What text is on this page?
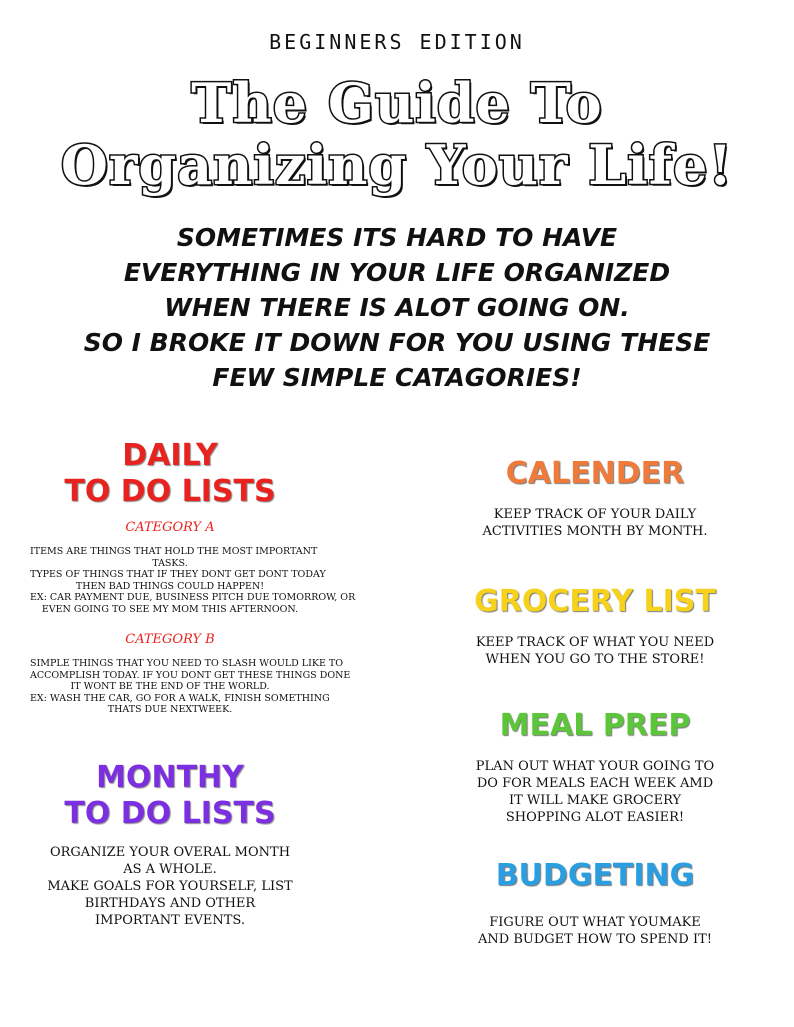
BEGINNERS EDITION
The Guide To
Organizing Your Life!
SOMETIMES ITS HARD TO HAVE
EVERYTHING IN YOUR LIFE ORGANIZED
WHEN THERE IS ALOT GOING ON.
SO I BROKE IT DOWN FOR YOU USING THESE
FEW SIMPLE CATAGORIES!
DAILY
TO DO LISTS
CATEGORY A
ITEMS ARE THINGS THAT HOLD THE MOST IMPORTANT
TASKS.
TYPES OF THINGS THAT IF THEY DONT GET DONT TODAY
THEN BAD THINGS COULD HAPPEN!
EX: CAR PAYMENT DUE, BUSINESS PITCH DUE TOMORROW, OR
EVEN GOING TO SEE MY MOM THIS AFTERNOON.
CATEGORY B
SIMPLE THINGS THAT YOU NEED TO SLASH WOULD LIKE TO
ACCOMPLISH TODAY. IF YOU DONT GET THESE THINGS DONE
IT WONT BE THE END OF THE WORLD.
EX: WASH THE CAR, GO FOR A WALK, FINISH SOMETHING
THATS DUE NEXTWEEK.
MONTHY
TO DO LISTS
ORGANIZE YOUR OVERAL MONTH
AS A WHOLE.
MAKE GOALS FOR YOURSELF, LIST
BIRTHDAYS AND OTHER
IMPORTANT EVENTS.
CALENDER
KEEP TRACK OF YOUR DAILY
ACTIVITIES MONTH BY MONTH.
GROCERY LIST
KEEP TRACK OF WHAT YOU NEED
WHEN YOU GO TO THE STORE!
MEAL PREP
PLAN OUT WHAT YOUR GOING TO
DO FOR MEALS EACH WEEK AMD
IT WILL MAKE GROCERY
SHOPPING ALOT EASIER!
BUDGETING
FIGURE OUT WHAT YOUMAKE
AND BUDGET HOW TO SPEND IT!
